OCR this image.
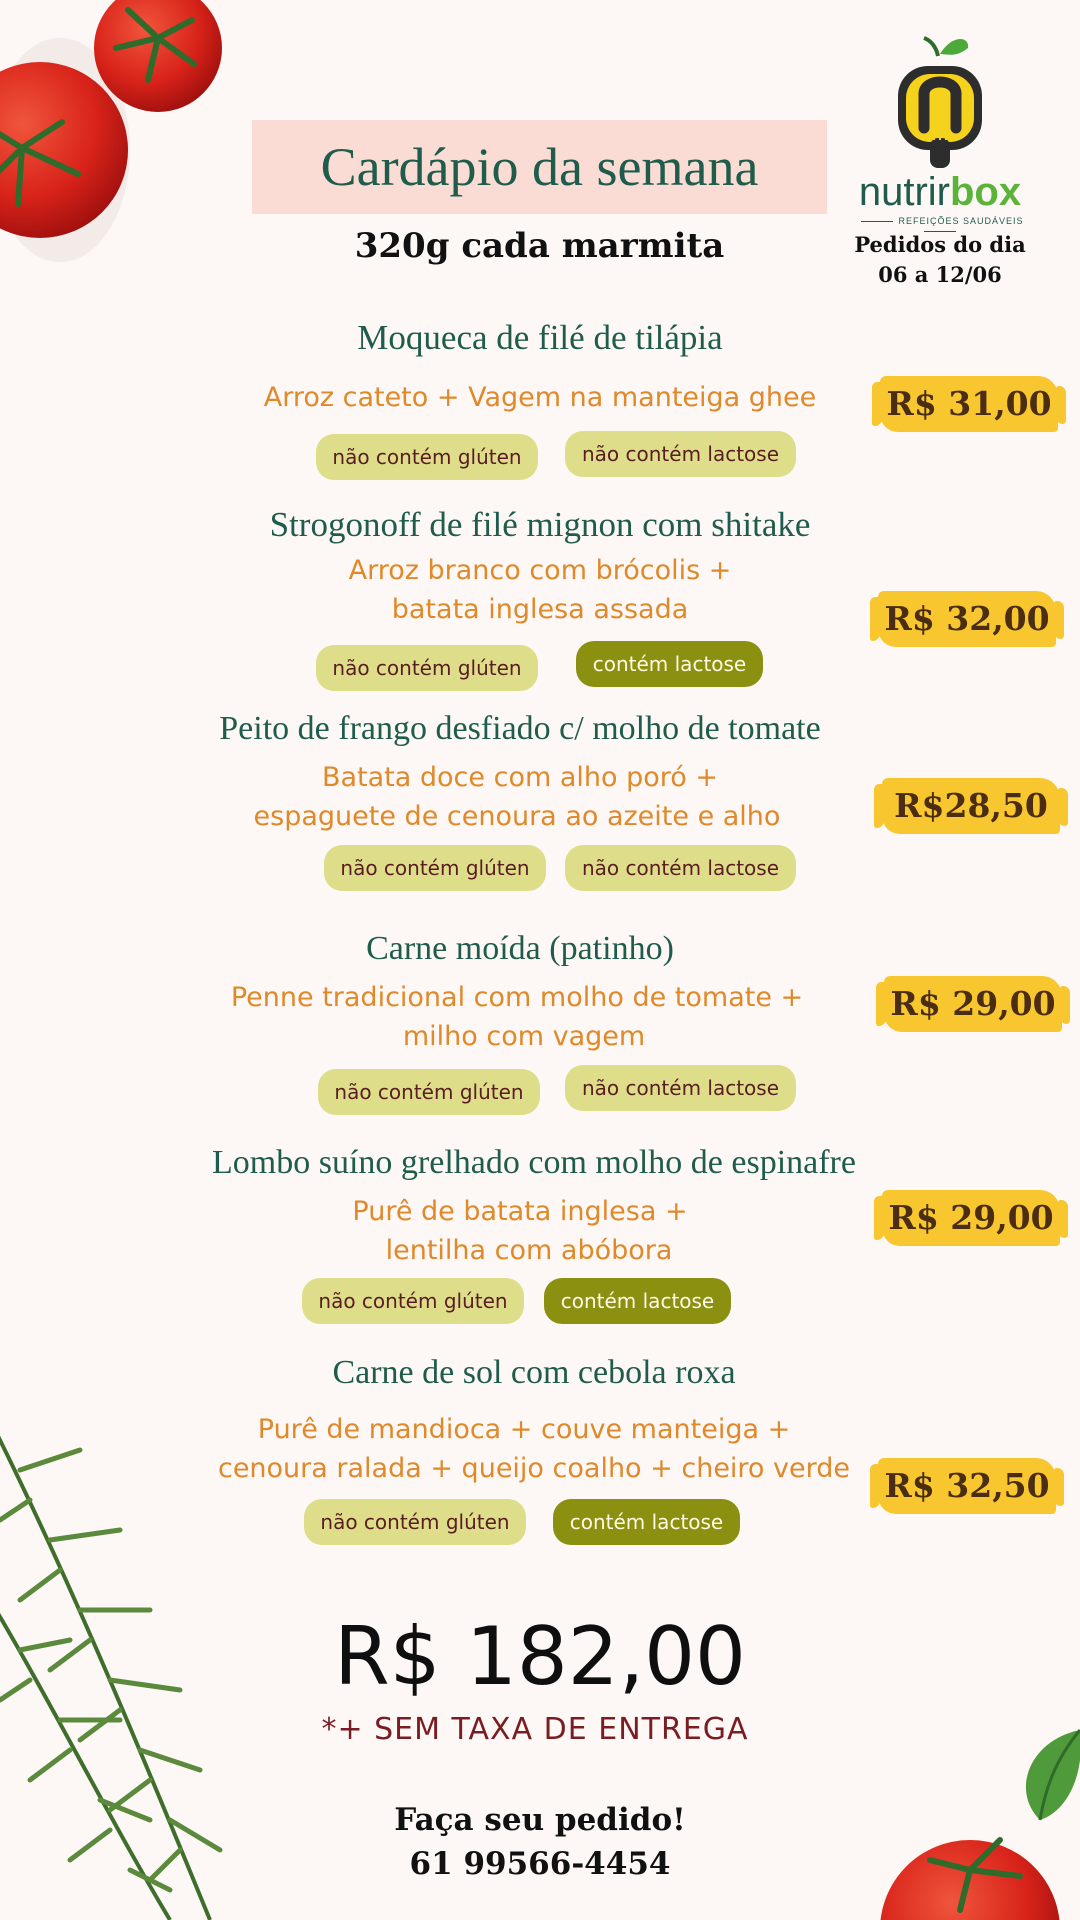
Cardápio da semana
320g cada marmita
nutrirbox
REFEIÇÕES SAUDÁVEIS
Pedidos do dia
06 a 12/06
Moqueca de filé de tilápia
Arroz cateto + Vagem na manteiga ghee
não contém glúten	não contém lactose
R$ 31,00
Strogonoff de filé mignon com shitake
Arroz branco com brócolis +
batata inglesa assada
não contém glúten	contém lactose
R$ 32,00
Peito de frango desfiado c/ molho de tomate
Batata doce com alho poró +
espaguete de cenoura ao azeite e alho
não contém glúten	não contém lactose
R$28,50
Carne moída (patinho)
Penne tradicional com molho de tomate +
milho com vagem
não contém glúten	não contém lactose
R$ 29,00
Lombo suíno grelhado com molho de espinafre
Purê de batata inglesa +
lentilha com abóbora
não contém glúten	contém lactose
R$ 29,00
Carne de sol com cebola roxa
Purê de mandioca + couve manteiga +
cenoura ralada + queijo coalho + cheiro verde
não contém glúten	contém lactose
R$ 32,50
R$ 182,00
*+ SEM TAXA DE ENTREGA
Faça seu pedido!
61 99566-4454
